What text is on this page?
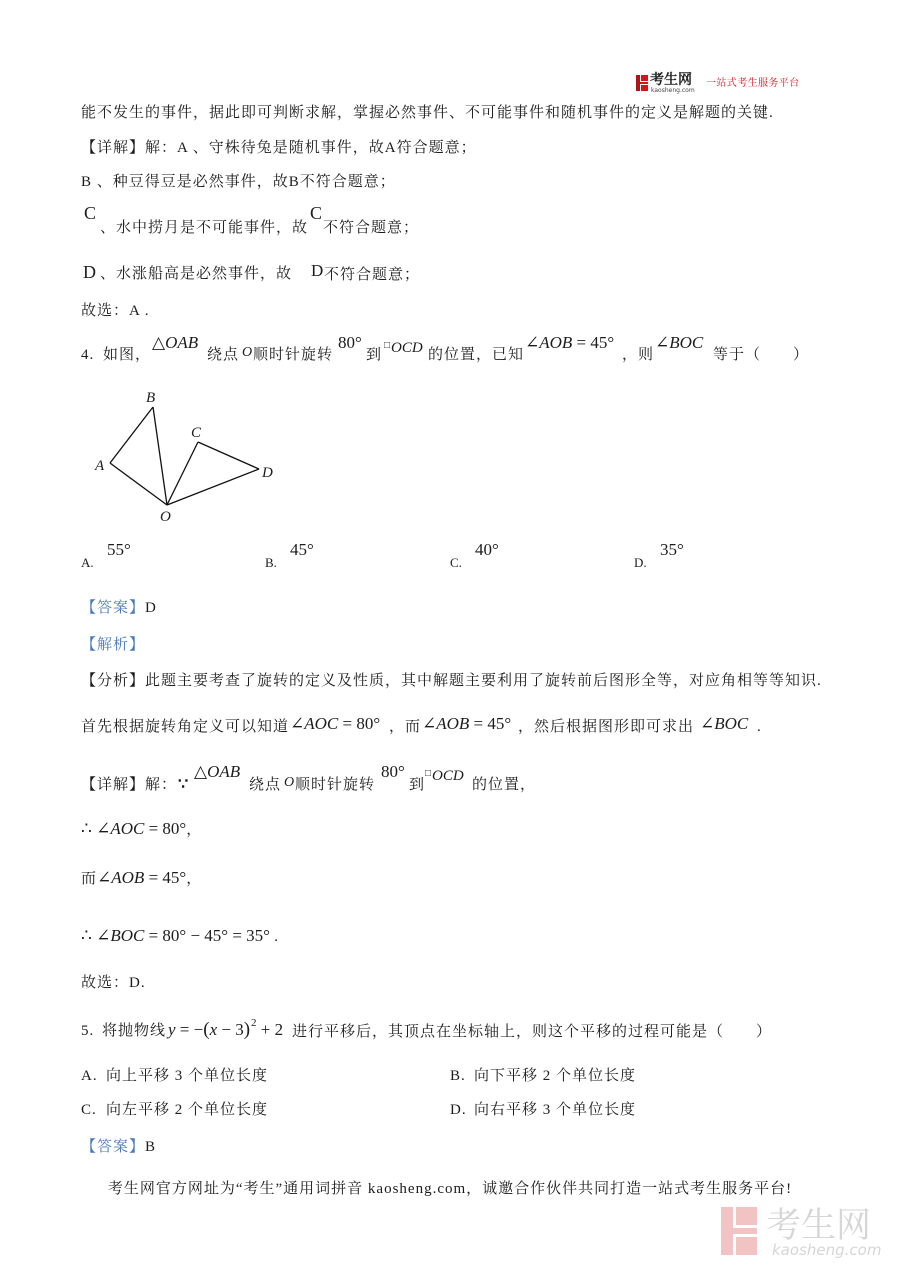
考生网
kaosheng.com
一站式考生服务平台
能不发生的事件，据此即可判断求解，掌握必然事件、不可能事件和随机事件的定义是解题的关键.
【详解】解：A 、守株待兔是随机事件，故A符合题意；
B 、种豆得豆是必然事件，故B不符合题意；
C
、水中捞月是不可能事件，故
C
不符合题意；
D 、水涨船高是必然事件，故 D 不符合题意；
故选：A .
4. 如图，
△OAB
绕点 O 顺时针旋转
80°
到
□OCD 的位置，已知
∠AOB = 45°
，则
∠BOC
等于（　　）
B
C
A	D
O
A.
55°
B.
45°
C.
40°
D.
35°
【答案】D
【解析】
【分析】此题主要考查了旋转的定义及性质，其中解题主要利用了旋转前后图形全等，对应角相等等知识.
首先根据旋转角定义可以知道 ∠AOC = 80° ，而 ∠AOB = 45° ，然后根据图形即可求出 ∠BOC .
【详解】解： ∵
△OAB
绕点 O 顺时针旋转
80°
到
□OCD
的位置，
∴ ∠AOC = 80°，
而∠AOB = 45°，
∴ ∠BOC = 80° − 45° = 35° .
故选：D.
5. 将抛物线 $y = -(x - 3)^2 + 2$ 进行平移后，其顶点在坐标轴上，则这个平移的过程可能是（　　）
A. 向上平移 3 个单位长度	B. 向下平移 2 个单位长度
C. 向左平移 2 个单位长度	D. 向右平移 3 个单位长度
【答案】B
考生网官方网址为“考生”通用词拼音 kaosheng.com，诚邀合作伙伴共同打造一站式考生服务平台!
考生网
kaosheng.com
